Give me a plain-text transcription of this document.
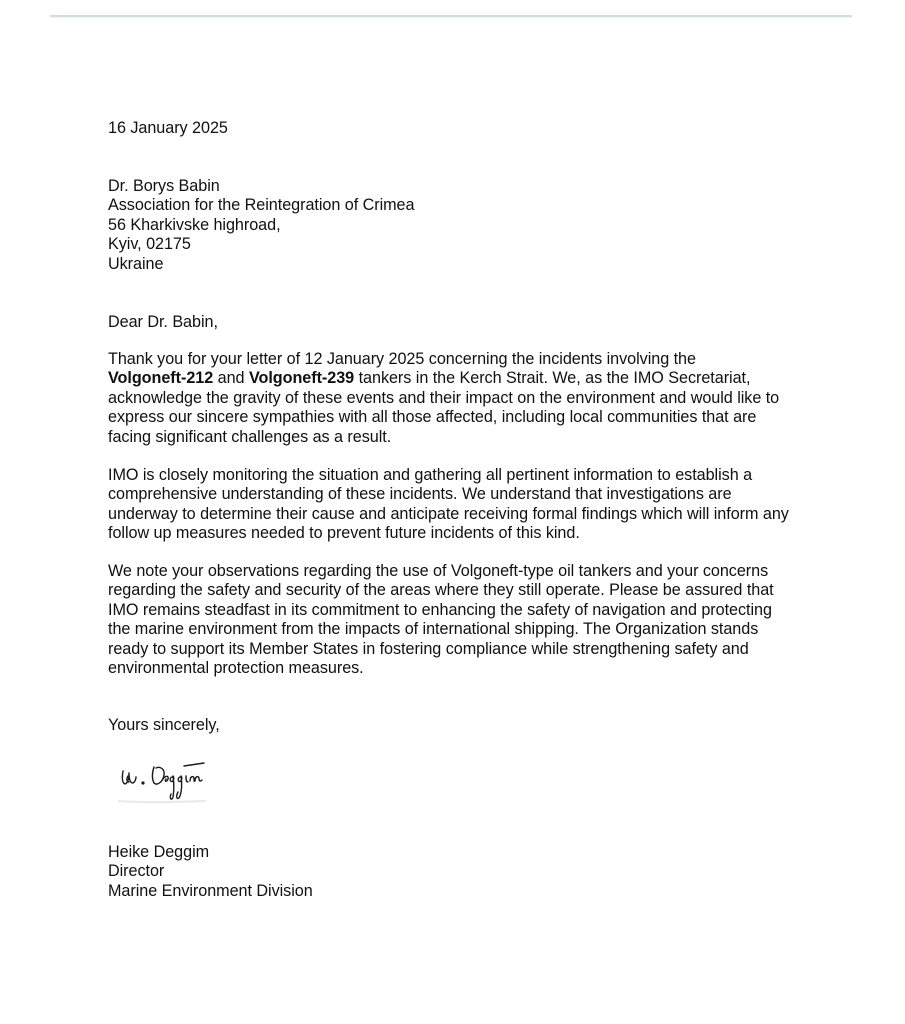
16 January 2025
Dr. Borys Babin
Association for the Reintegration of Crimea
56 Kharkivske highroad,
Kyiv, 02175
Ukraine
Dear Dr. Babin,
Thank you for your letter of 12 January 2025 concerning the incidents involving the
Volgoneft-212 and Volgoneft-239 tankers in the Kerch Strait. We, as the IMO Secretariat,
acknowledge the gravity of these events and their impact on the environment and would like to
express our sincere sympathies with all those affected, including local communities that are
facing significant challenges as a result.
IMO is closely monitoring the situation and gathering all pertinent information to establish a
comprehensive understanding of these incidents. We understand that investigations are
underway to determine their cause and anticipate receiving formal findings which will inform any
follow up measures needed to prevent future incidents of this kind.
We note your observations regarding the use of Volgoneft-type oil tankers and your concerns
regarding the safety and security of the areas where they still operate. Please be assured that
IMO remains steadfast in its commitment to enhancing the safety of navigation and protecting
the marine environment from the impacts of international shipping. The Organization stands
ready to support its Member States in fostering compliance while strengthening safety and
environmental protection measures.
Yours sincerely,
Heike Deggim
Director
Marine Environment Division
